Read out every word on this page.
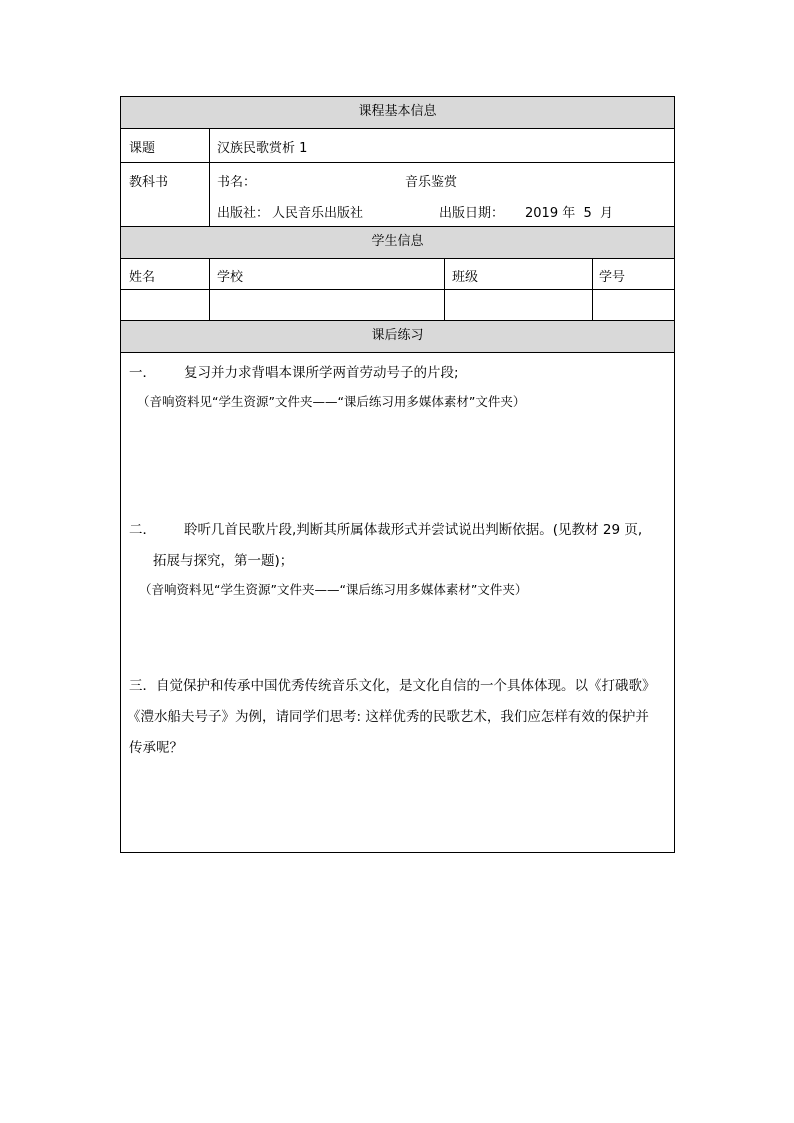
课程基本信息
课题	汉族民歌赏析 1
教科书	书名：	音乐鉴赏
出版社： 人民音乐出版社	出版日期： 2019 年  5  月
学生信息
姓名	学校	班级	学号
课后练习
一． 复习并力求背唱本课所学两首劳动号子的片段;
（音响资料见“学生资源”文件夹——“课后练习用多媒体素材”文件夹）
二． 聆听几首民歌片段,判断其所属体裁形式并尝试说出判断依据。(见教材 29 页,
拓展与探究，第一题)；
（音响资料见“学生资源”文件夹——“课后练习用多媒体素材”文件夹）
三．自觉保护和传承中国优秀传统音乐文化，是文化自信的一个具体体现。以《打硪歌》
《澧水船夫号子》为例，请同学们思考: 这样优秀的民歌艺术，我们应怎样有效的保护并
传承呢？
